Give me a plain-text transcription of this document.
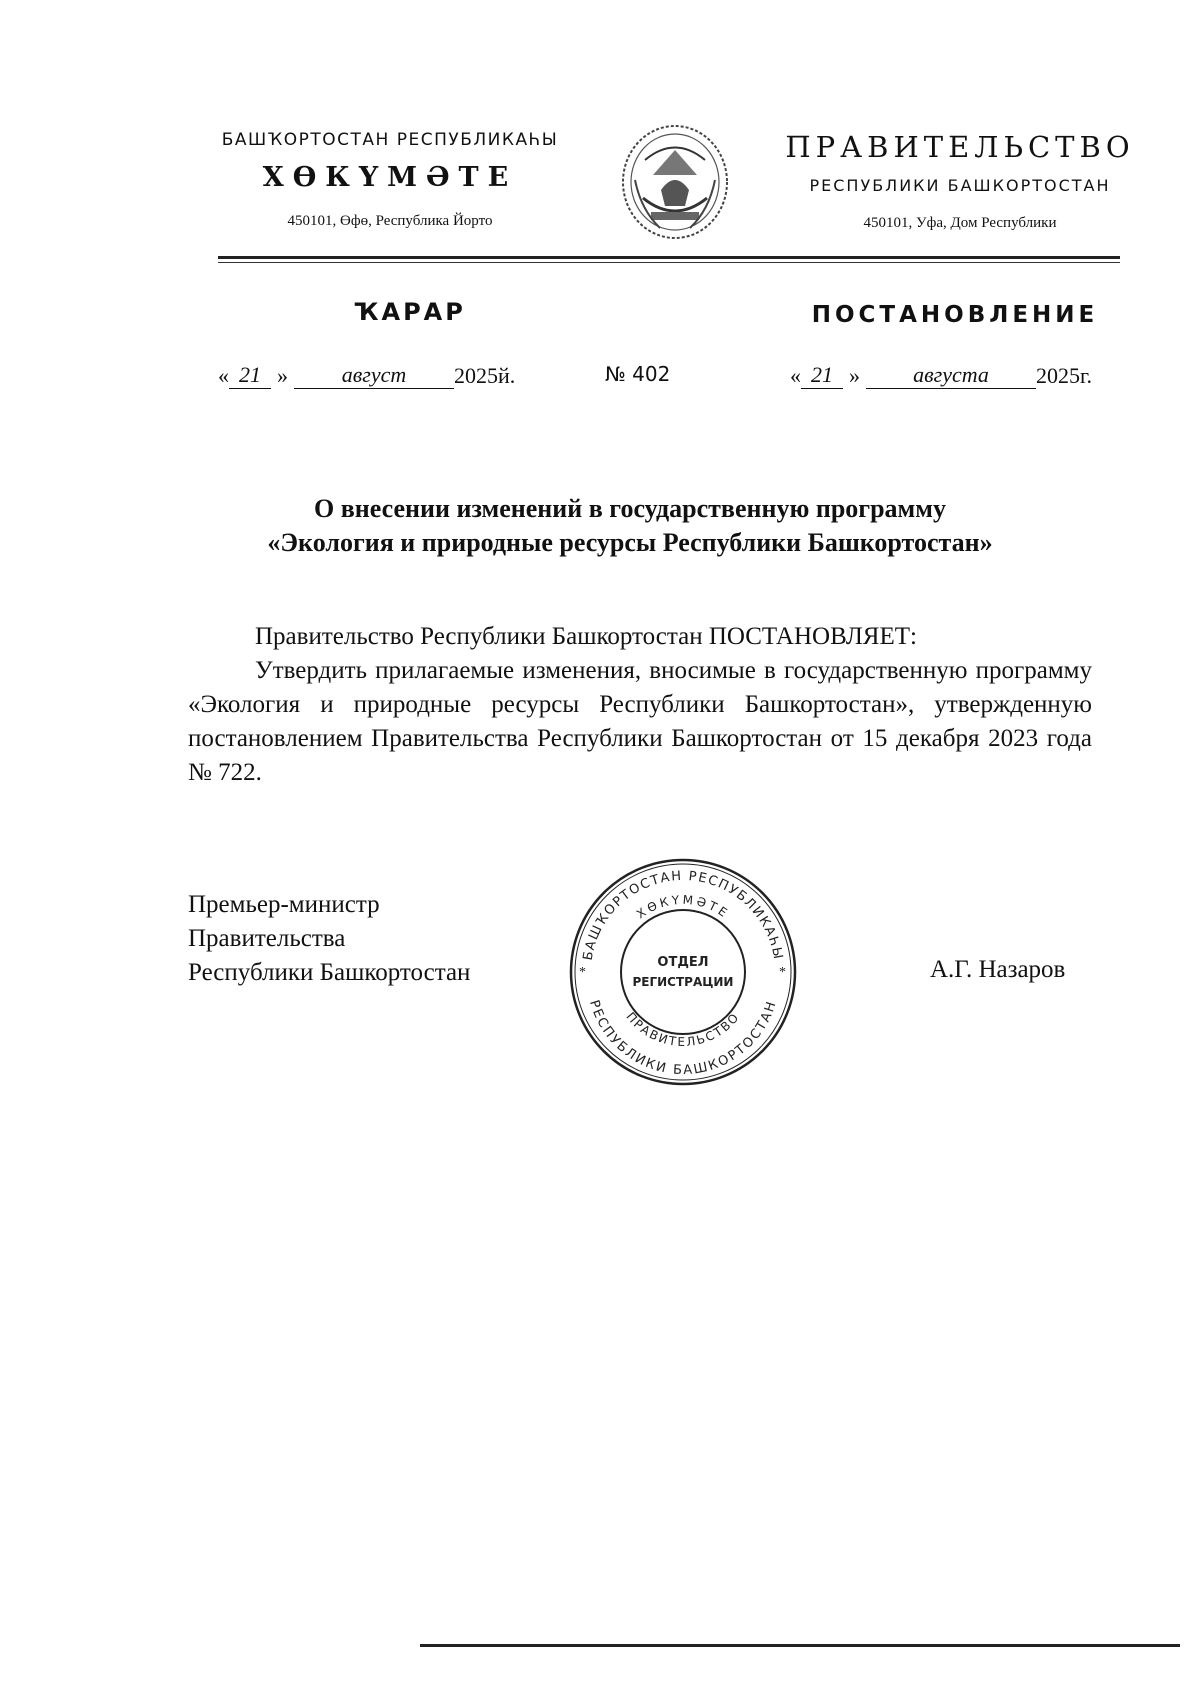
БАШҠОРТОСТАН РЕСПУБЛИКАҺЫ
ХӨКҮМӘТЕ
450101, Өфө, Республика Йорто
ПРАВИТЕЛЬСТВО
РЕСПУБЛИКИ БАШКОРТОСТАН
450101, Уфа, Дом Республики
ҠАРАР	ПОСТАНОВЛЕНИЕ
« 21 »	август	2025 й.	№ 402	« 21 »	августа	2025 г.
О внесении изменений в государственную программу
«Экология и природные ресурсы Республики Башкортостан»
Правительство Республики Башкортостан ПОСТАНОВЛЯЕТ:
Утвердить прилагаемые изменения, вносимые в государственную программу «Экология и природные ресурсы Республики Башкортостан», утвержденную постановлением Правительства Республики Башкортостан от 15 декабря 2023 года № 722.
Премьер-министр
Правительства
Республики Башкортостан	А.Г. Назаров
БАШҠОРТОСТАН РЕСПУБЛИКАҺЫ
ХӨКҮМӘТЕ
ПРАВИТЕЛЬСТВО
РЕСПУБЛИКИ БАШКОРТОСТАН
*	*
ОТДЕЛ
РЕГИСТРАЦИИ
